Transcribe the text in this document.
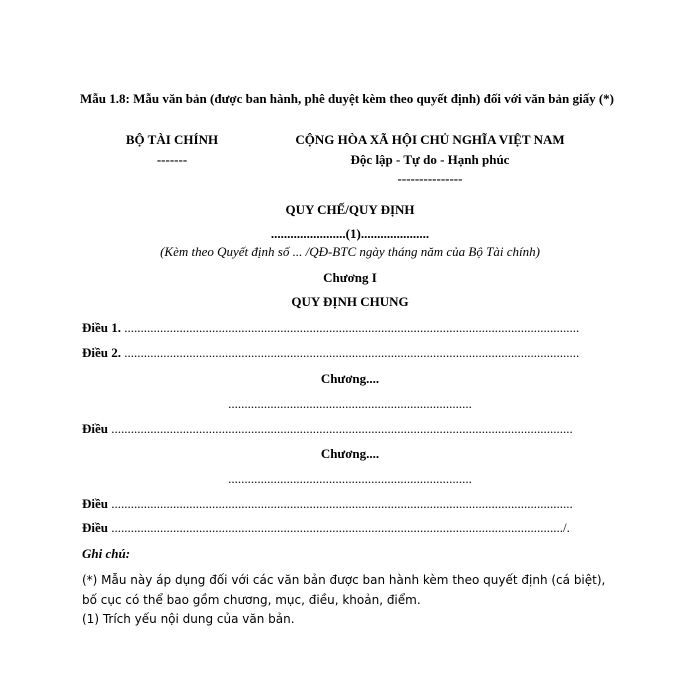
Mẫu 1.8: Mẫu văn bản (được ban hành, phê duyệt kèm theo quyết định) đối với văn bản giấy (*)
BỘ TÀI CHÍNH
-------
CỘNG HÒA XÃ HỘI CHỦ NGHĨA VIỆT NAM
Độc lập - Tự do - Hạnh phúc
---------------
QUY CHẾ/QUY ĐỊNH
.......................(1).....................
(Kèm theo Quyết định số ... /QĐ-BTC ngày tháng năm của Bộ Tài chính)
Chương I
QUY ĐỊNH CHUNG
Điều 1. ............................................................................................................................................
Điều 2. ............................................................................................................................................
Chương....
...........................................................................
Điều ..............................................................................................................................................
Chương....
...........................................................................
Điều ..............................................................................................................................................
Điều .........................................................................................................................................../.
Ghi chú:
(*) Mẫu này áp dụng đối với các văn bản được ban hành kèm theo quyết định (cá biệt), bố cục có thể bao gồm chương, mục, điều, khoản, điểm.
(1) Trích yếu nội dung của văn bản.
